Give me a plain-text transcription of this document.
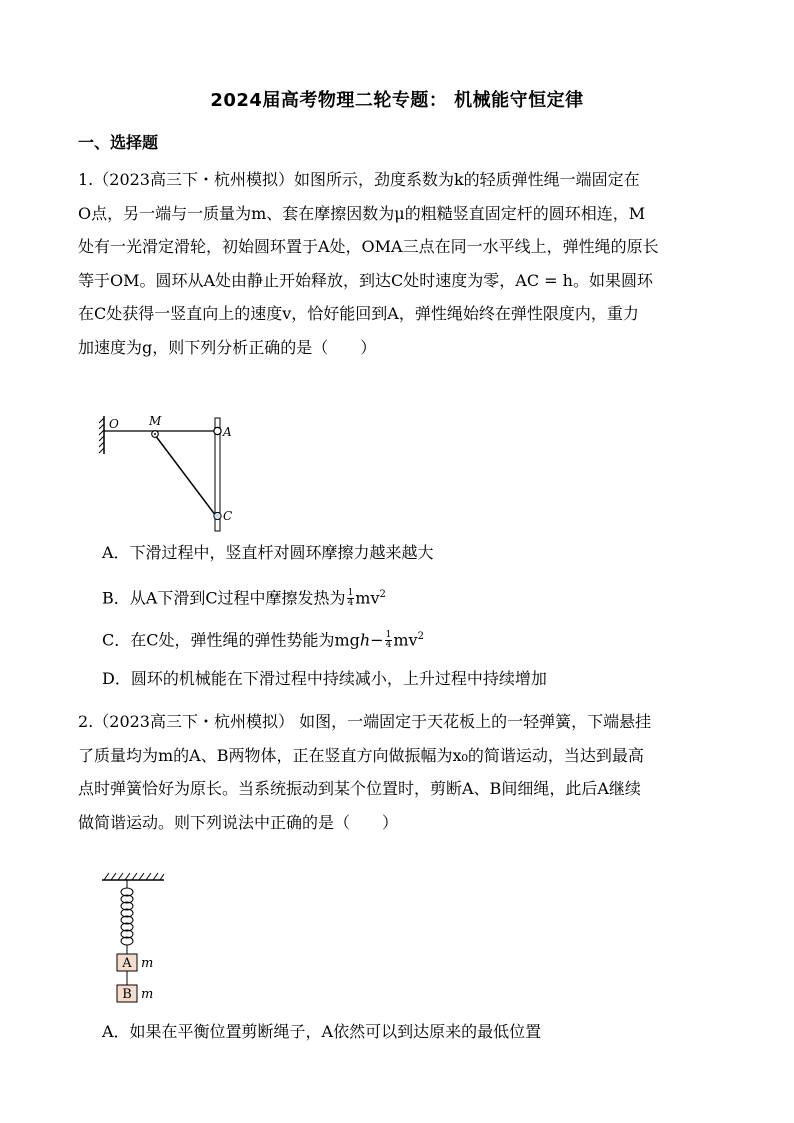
2024届高考物理二轮专题： 机械能守恒定律
一、选择题
1.（2023高三下・杭州模拟）如图所示，劲度系数为k的轻质弹性绳一端固定在
O点，另一端与一质量为m、套在摩擦因数为μ的粗糙竖直固定杆的圆环相连，M
处有一光滑定滑轮，初始圆环置于A处，OMA三点在同一水平线上，弹性绳的原长
等于OM。圆环从A处由静止开始释放，到达C处时速度为零，AC = h。如果圆环
在C处获得一竖直向上的速度v，恰好能回到A，弹性绳始终在弹性限度内，重力
加速度为g，则下列分析正确的是（　　）
O	M
A
C
A．下滑过程中，竖直杆对圆环摩擦力越来越大
B．从A下滑到C过程中摩擦发热为 $\frac{1}{4} mv^2$
C．在C处，弹性绳的弹性势能为$mgh- \frac{1}{4} mv^2$
D．圆环的机械能在下滑过程中持续减小，上升过程中持续增加
2.（2023高三下・杭州模拟） 如图，一端固定于天花板上的一轻弹簧，下端悬挂
了质量均为m的A、B两物体，正在竖直方向做振幅为x₀的简谐运动，当达到最高
点时弹簧恰好为原长。当系统振动到某个位置时，剪断A、B间细绳，此后A继续
做简谐运动。则下列说法中正确的是（　　）
A m
B m
A．如果在平衡位置剪断绳子，A依然可以到达原来的最低位置
